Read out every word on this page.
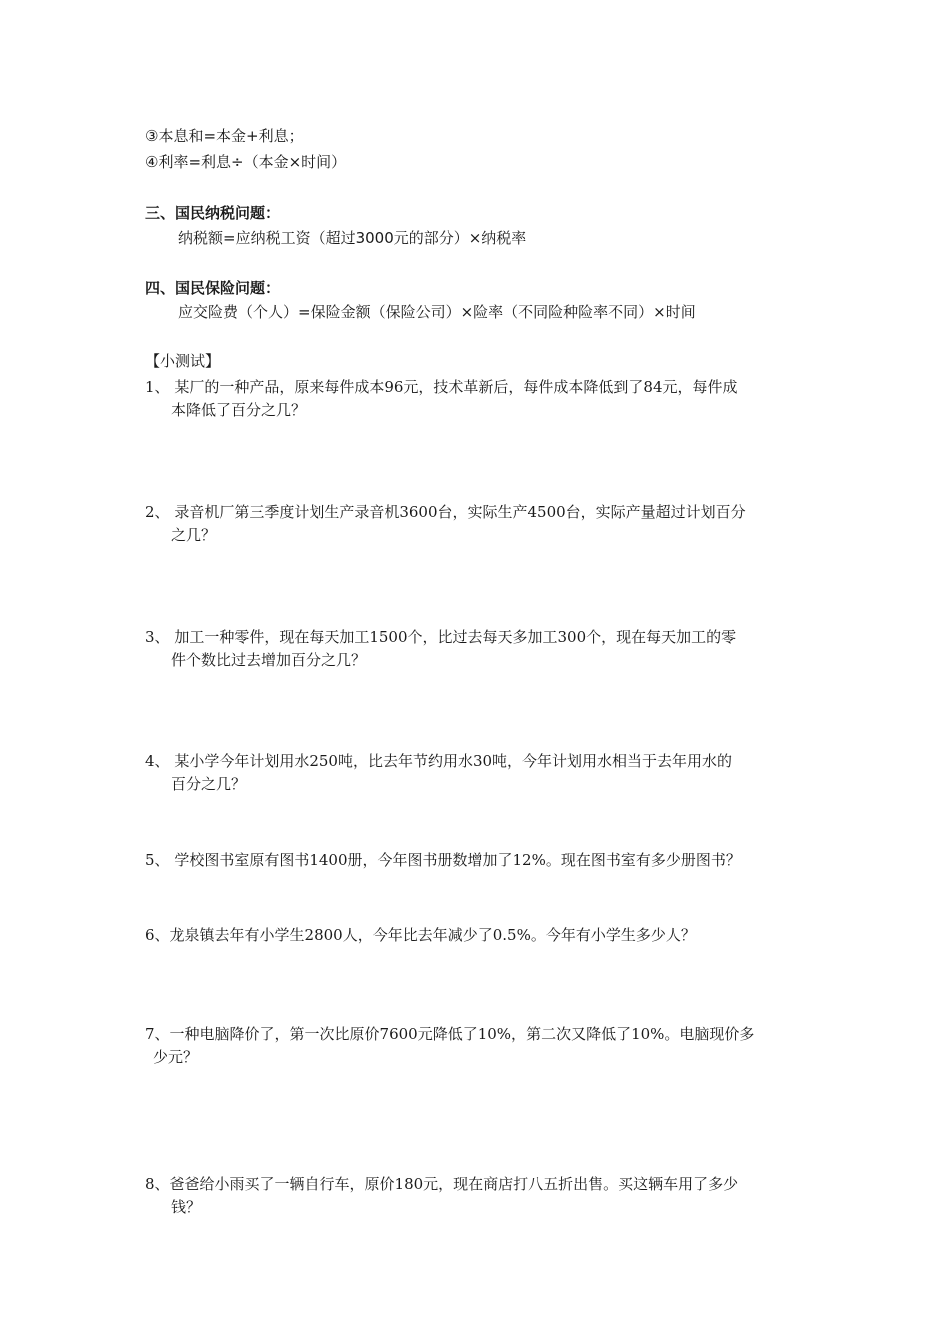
③本息和=本金+利息；

④利率=利息÷（本金×时间）

三、国民纳税问题：

纳税额=应纳税工资（超过3000元的部分）×纳税率

四、国民保险问题：

应交险费（个人）=保险金额（保险公司）×险率（不同险种险率不同）×时间

【小测试】

1、 某厂的一种产品，原来每件成本96元，技术革新后，每件成本降低到了84元，每件成
本降低了百分之几？
2、 录音机厂第三季度计划生产录音机3600台，实际生产4500台，实际产量超过计划百分
之几？
3、 加工一种零件，现在每天加工1500个，比过去每天多加工300个，现在每天加工的零
件个数比过去增加百分之几？
4、 某小学今年计划用水250吨，比去年节约用水30吨，今年计划用水相当于去年用水的
百分之几？
5、 学校图书室原有图书1400册，今年图书册数增加了12%。现在图书室有多少册图书？
6、龙泉镇去年有小学生2800人，今年比去年减少了0.5%。今年有小学生多少人？
7、一种电脑降价了，第一次比原价7600元降低了10%，第二次又降低了10%。电脑现价多
少元？
8、爸爸给小雨买了一辆自行车，原价180元，现在商店打八五折出售。买这辆车用了多少
钱？
